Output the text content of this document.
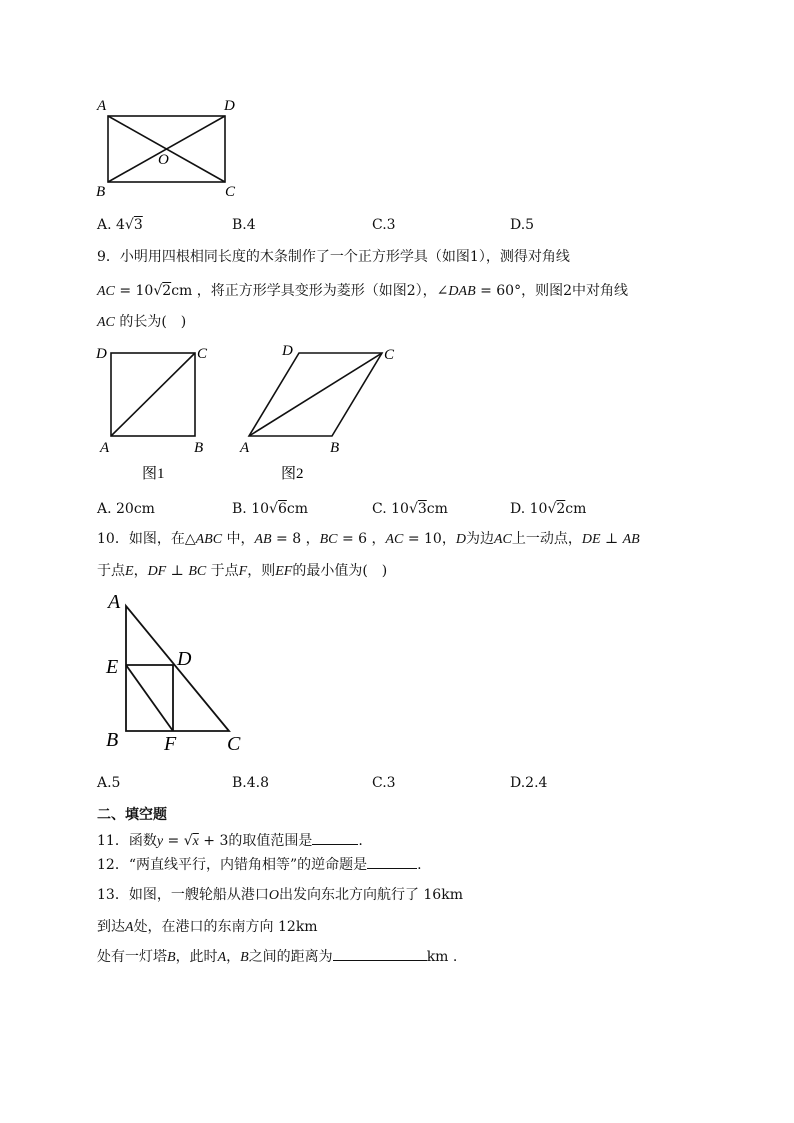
A	D
B	C
O
A. 4√3	B.4	C.3	D.5
9．小明用四根相同长度的木条制作了一个正方形学具（如图1），测得对角线
AC = 10√2cm ，将正方形学具变形为菱形（如图2），∠DAB = 60°，则图2中对角线
AC 的长为(　)
D	C
A	B
图1
D	C
A	B
图2
A. 20cm	B. 10√6cm	C. 10√3cm	D. 10√2cm
10．如图，在△ABC 中，AB = 8 ，BC = 6 ，AC = 10，D为边AC上一动点，DE ⊥ AB
于点E，DF ⊥ BC 于点F，则EF的最小值为(　)
A
E	D
B F	C
A.5	B.4.8	C.3	D.2.4
二、填空题
11．函数y = √x + 3的取值范围是	.
12．“两直线平行，内错角相等”的逆命题是	.
13．如图，一艘轮船从港口O出发向东北方向航行了 16km
到达A处，在港口的东南方向 12km
处有一灯塔B，此时A，B之间的距离为	km .
